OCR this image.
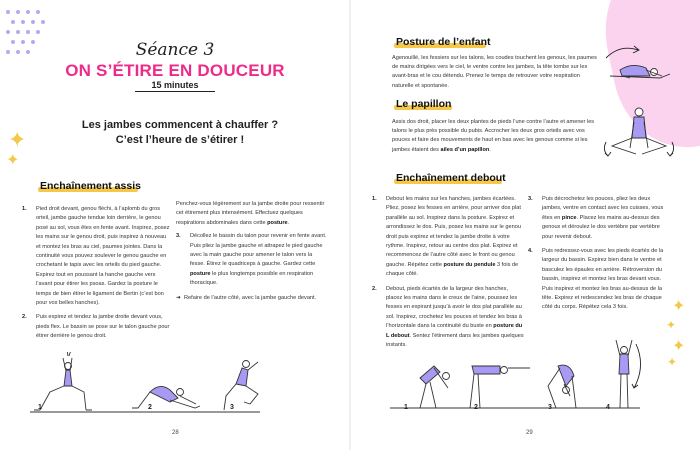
✦
✦
Séance 3
ON S’ÉTIRE EN DOUCEUR
15 minutes
Les jambes commencent à chauffer ?
C’est l’heure de s’étirer !
Enchaînement assis
1. Pied droit devant, genou fléchi, à l’aplomb du gros orteil, jambe gauche tendue loin derrière, le genou posé au sol, vous êtes en fente avant. Inspirez, posez les mains sur le genou droit, puis inspirez à nouveau et montez les bras au ciel, paumes jointes. Dans la continuité vous pouvez soulever le genou gauche en crochetant le tapis avec les orteils du pied gauche. Expirez tout en poussant la hanche gauche vers l’avant pour étirer les psoas. Gardez la posture le temps de bien étirer le ligament de Bertin (c’est bon pour vos belles hanches).
2. Puis expirez et tendez la jambe droite devant vous, pieds flex. Le bassin se pose sur le talon gauche pour étirer derrière le genou droit.

Penchez-vous légèrement sur la jambe droite pour ressentir cet étirement plus intensément. Effectuez quelques respirations abdominales dans cette posture.

3. Décollez le bassin du talon pour revenir en fente avant. Puis pliez la jambe gauche et attrapez le pied gauche avec la main gauche pour amener le talon vers la fesse. Étirez le quadriceps à gauche. Gardez cette posture le plus longtemps possible en respiration thoracique.
➜ Refaire de l’autre côté, avec la jambe gauche devant.
1	2	3
28
✦
✦
✦
✦
Posture de l’enfant
Agenouillé, les fessiers sur les talons, les coudes touchent les genoux, les paumes de mains dirigées vers le ciel, le ventre contre les jambes, la tête tombe sur les avant-bras et le cou détendu. Prenez le temps de retrouver votre respiration naturelle et spontanée.
Le papillon
Assis dos droit, placer les deux plantes de pieds l’une contre l’autre et amener les talons le plus près possible du pubis. Accrocher les deux gros orteils avec vos pouces et faire des mouvements de haut en bas avec les genoux comme si les jambes étaient des ailes d’un papillon.
Enchaînement debout
1. Debout les mains sur les hanches, jambes écartées. Pliez, posez les fesses en arrière, pour arriver dos plat parallèle au sol. Inspirez dans la posture. Expirez et arrondissez le dos. Puis, posez les mains sur le genou droit puis expirez et tendez la jambe droite à votre rythme. Inspirez, retour au centre dos plat. Expirez et recommencez de l’autre côté avec le front ou genou gauche. Répétez cette posture du pendule 3 fois de chaque côté.
2. Debout, pieds écartés de la largeur des hanches, placez les mains dans le creux de l’aine, poussez les fesses en expirant jusqu’à avoir le dos plat parallèle au sol. Inspirez, crochetez les pouces et tendez les bras à l’horizontale dans la continuité du buste en posture du L debout. Sentez l’étirement dans les jambes quelques instants.
3. Puis décrochetez les pouces, pliez les deux jambes, ventre en contact avec les cuisses, vous êtes en pince. Placez les mains au-dessus des genoux et déroulez le dos vertèbre par vertèbre pour revenir debout.
4. Puis redressez-vous avec les pieds écartés de la largeur du bassin. Expirez bien dans le ventre et basculez les épaules en arrière. Rétroversion du bassin, inspirez et montez les bras devant vous. Puis inspirez et montez les bras au-dessus de la tête. Expirez et redescendez les bras de chaque côté du corps. Répétez cela 3 fois.
1	2	3	4
29
